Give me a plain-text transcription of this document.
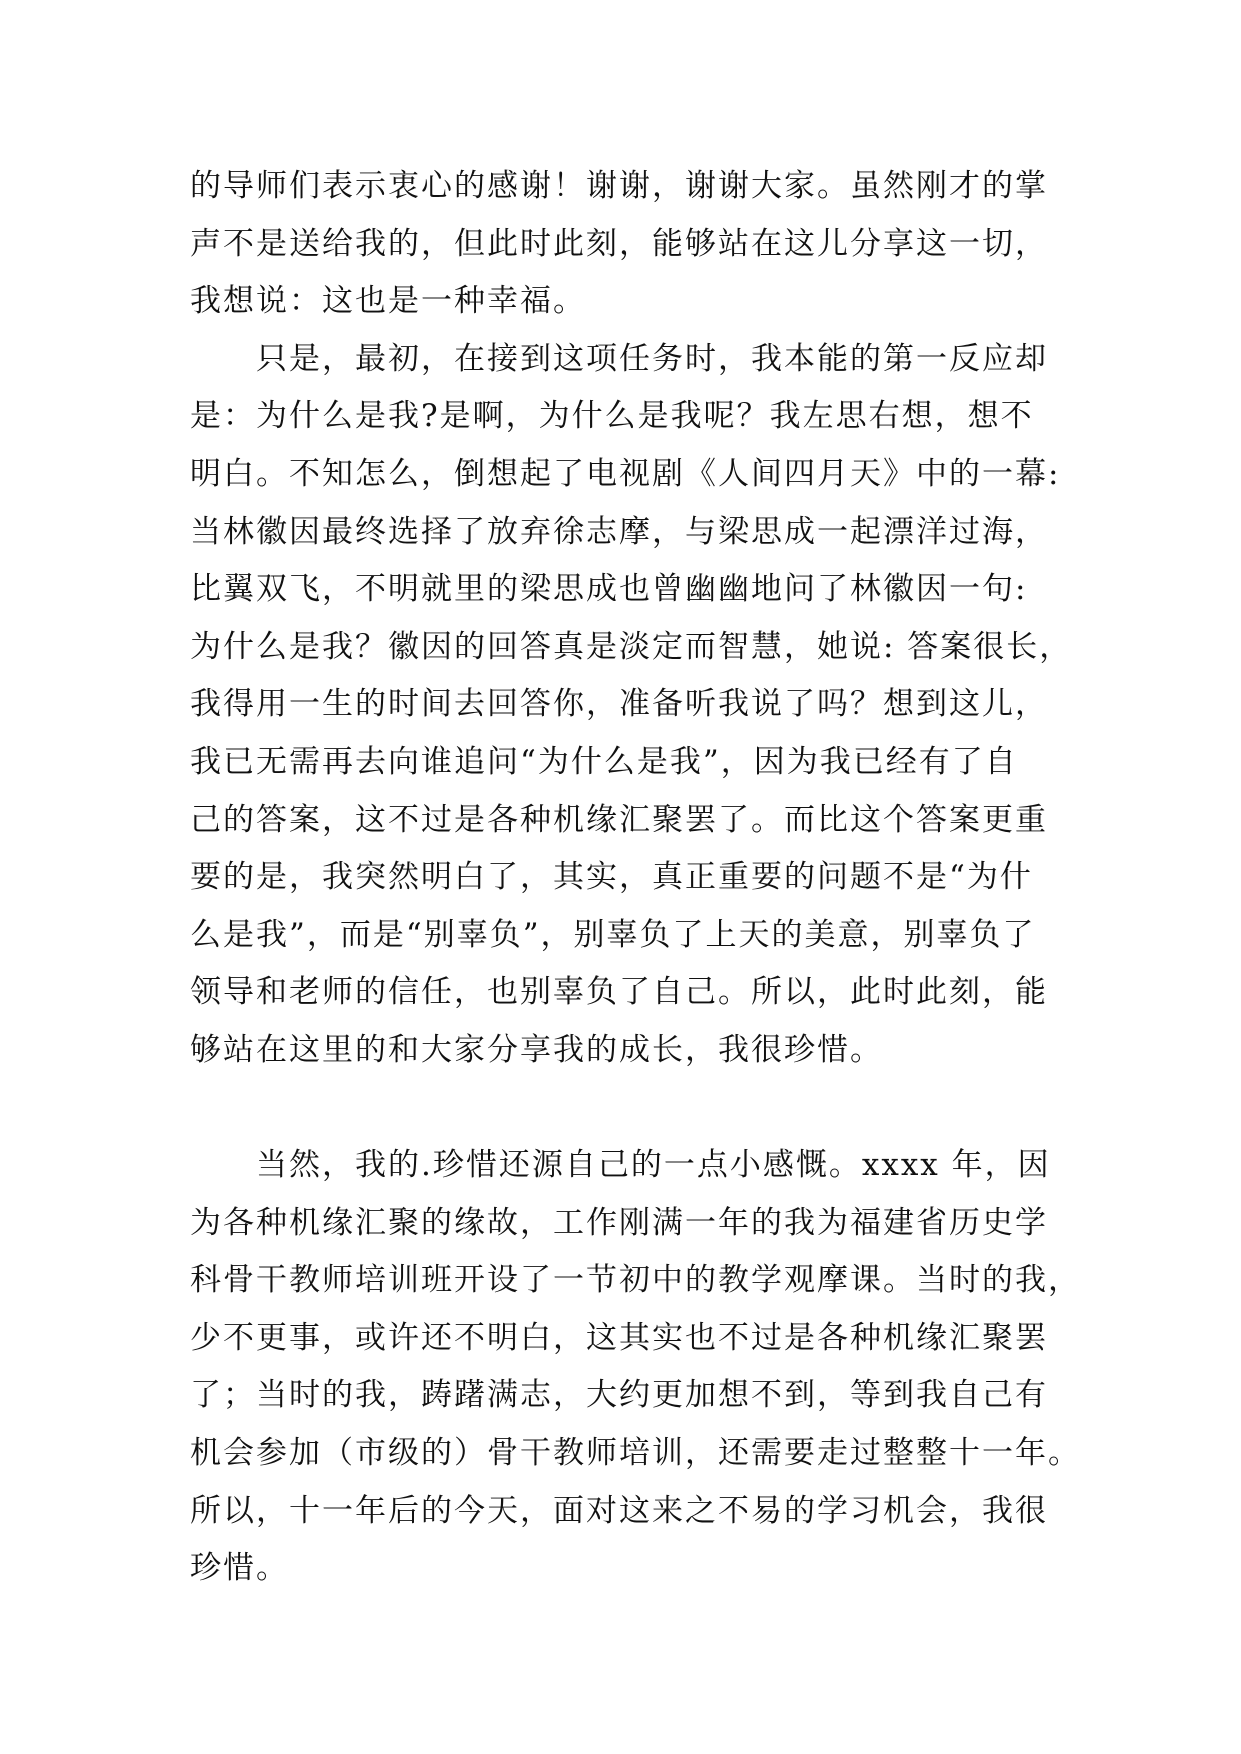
的导师们表示衷心的感谢！谢谢，谢谢大家。虽然刚才的掌
声不是送给我的，但此时此刻，能够站在这儿分享这一切，
我想说：这也是一种幸福。

只是，最初，在接到这项任务时，我本能的第一反应却
是：为什么是我?是啊，为什么是我呢？我左思右想，想不
明白。不知怎么，倒想起了电视剧《人间四月天》中的一幕:
当林徽因最终选择了放弃徐志摩，与梁思成一起漂洋过海，
比翼双飞，不明就里的梁思成也曾幽幽地问了林徽因一句:
为什么是我？徽因的回答真是淡定而智慧，她说: 答案很长，
我得用一生的时间去回答你，准备听我说了吗？想到这儿，
我已无需再去向谁追问“为什么是我”，因为我已经有了自
己的答案，这不过是各种机缘汇聚罢了。而比这个答案更重
要的是，我突然明白了，其实，真正重要的问题不是“为什
么是我”，而是“别辜负”，别辜负了上天的美意，别辜负了
领导和老师的信任，也别辜负了自己。所以，此时此刻，能
够站在这里的和大家分享我的成长，我很珍惜。

当然，我的.珍惜还源自己的一点小感慨。xxxx 年，因
为各种机缘汇聚的缘故，工作刚满一年的我为福建省历史学
科骨干教师培训班开设了一节初中的教学观摩课。当时的我，
少不更事，或许还不明白，这其实也不过是各种机缘汇聚罢
了；当时的我，踌躇满志，大约更加想不到，等到我自己有
机会参加（市级的）骨干教师培训，还需要走过整整十一年。
所以，十一年后的今天，面对这来之不易的学习机会，我很
珍惜。
